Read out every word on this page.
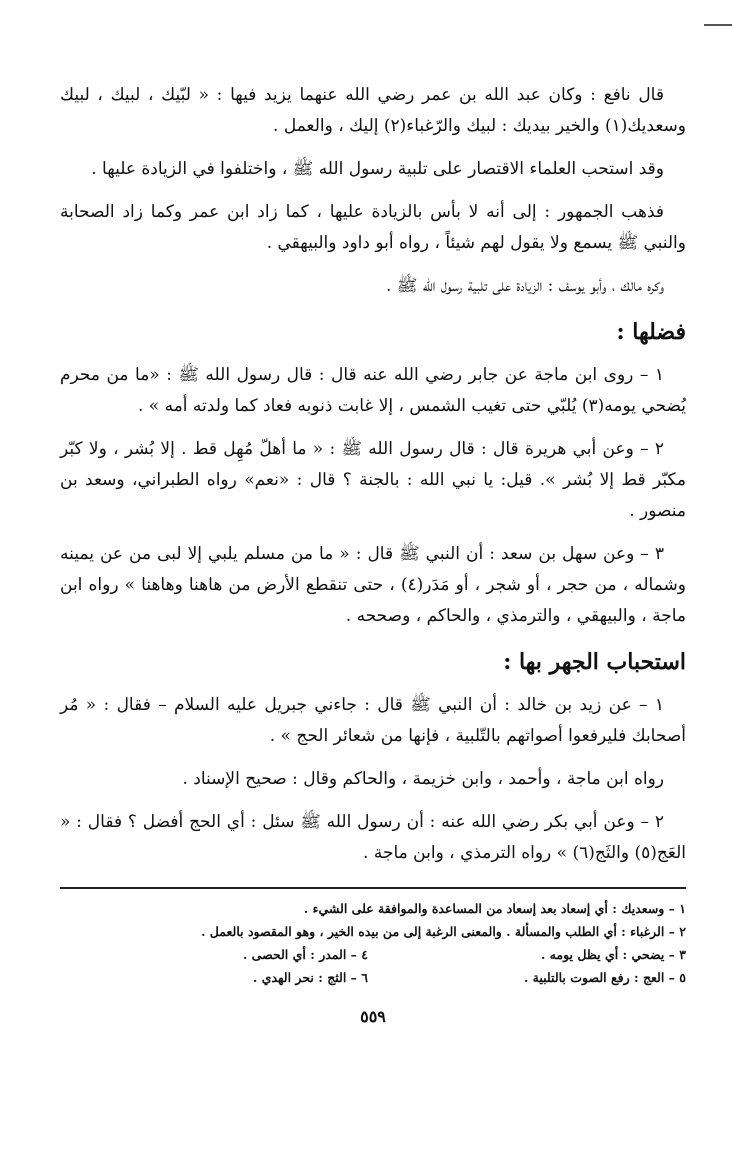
قال نافع : وكان عبد الله بن عمر رضي الله عنهما يزيد فيها : « لبّيك ، لبيك ، لبيك وسعديك(١) والخير بيديك : لبيك والرّغباء(٢) إليك ، والعمل .

وقد استحب العلماء الاقتصار على تلبية رسول الله ﷺ ، واختلفوا في الزيادة عليها .

فذهب الجمهور : إلى أنه لا بأس بالزيادة عليها ، كما زاد ابن عمر وكما زاد الصحابة والنبي ﷺ يسمع ولا يقول لهم شيئاً ، رواه أبو داود والبيهقي .

وكره مالك ، وأبو يوسف : الزيادة على تلبية رسول الله ﷺ .

فضلها :

١ – روى ابن ماجة عن جابر رضي الله عنه قال : قال رسول الله ﷺ : «ما من محرم يُضحي يومه(٣) يُلبّي حتى تغيب الشمس ، إلا غابت ذنوبه فعاد كما ولدته أمه » .

٢ – وعن أبي هريرة قال : قال رسول الله ﷺ : « ما أهلّ مُهِل قط . إلا بُشر ، ولا كبّر مكبّر قط إلا بُشر ». قيل: يا نبي الله : بالجنة ؟ قال : «نعم» رواه الطبراني، وسعد بن منصور .

٣ – وعن سهل بن سعد : أن النبي ﷺ قال : « ما من مسلم يلبي إلا لبى من عن يمينه وشماله ، من حجر ، أو شجر ، أو مَدَر(٤) ، حتى تنقطع الأرض من هاهنا وهاهنا » رواه ابن ماجة ، والبيهقي ، والترمذي ، والحاكم ، وصححه .

استحباب الجهر بها :

١ – عن زيد بن خالد : أن النبي ﷺ قال : جاءني جبريل عليه السلام – فقال : « مُر أصحابك فليرفعوا أصواتهم بالتّلبية ، فإنها من شعائر الحج » .

رواه ابن ماجة ، وأحمد ، وابن خزيمة ، والحاكم وقال : صحيح الإسناد .

٢ – وعن أبي بكر رضي الله عنه : أن رسول الله ﷺ سئل : أي الحج أفضل ؟ فقال : « العَج(٥) والثَج(٦) » رواه الترمذي ، وابن ماجة .

١ – وسعديك : أي إسعاد بعد إسعاد من المساعدة والموافقة على الشيء .
٢ – الرغباء : أي الطلب والمسألة . والمعنى الرغبة إلى من بيده الخير ، وهو المقصود بالعمل .
٣ – يضحي : أي يظل يومه .
٤ – المدر : أي الحصى .
٥ – العج : رفع الصوت بالتلبية .
٦ – الثج : نحر الهدي .
٥٥٩
